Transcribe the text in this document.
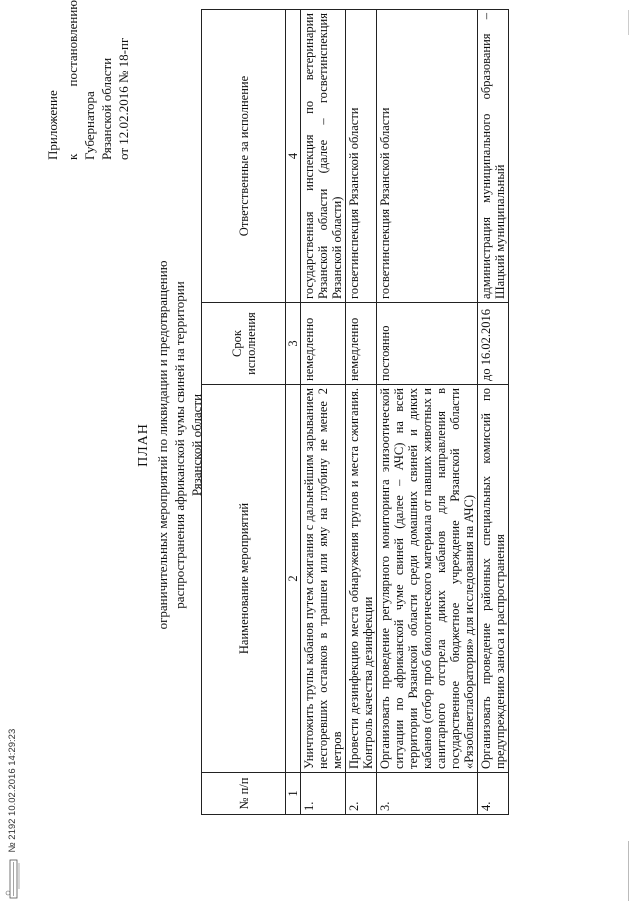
№ 2192 10.02.2016 14:29:23
Приложение к постановлению Губернатора Рязанской области от 12.02.2016 № 18-пг
ПЛАН ограничительных мероприятий по ликвидации и предотвращению распространения африканской чумы свиней на территории Рязанской области
№ п/п	Наименование мероприятий	Срок исполнения	Ответственные за исполнение
1	2	3	4
1.	Уничтожить трупы кабанов путем сжигания с дальнейшим зарыванием несгоревших останков в траншеи или яму на глубину не менее 2 метров	немедленно	государственная инспекция по ветеринарии Рязанской области (далее – госветинспекция Рязанской области)
2.	Провести дезинфекцию места обнаружения трупов и места сжигания. Контроль качества дезинфекции	немедленно	госветинспекция Рязанской области
3.	Организовать проведение регулярного мониторинга эпизоотической ситуации по африканской чуме свиней (далее – АЧС) на всей территории Рязанской области среди домашних свиней и диких кабанов (отбор проб биологического материала от павших животных и санитарного отстрела диких кабанов для направления в государственное бюджетное учреждение Рязанской области «Рязоблветлаборатория» для исследования на АЧС)	постоянно	госветинспекция Рязанской области
4.	Организовать проведение районных специальных комиссий по предупреждению заноса и распространения	до 16.02.2016	администрация муниципального образования – Шацкий муниципальный
